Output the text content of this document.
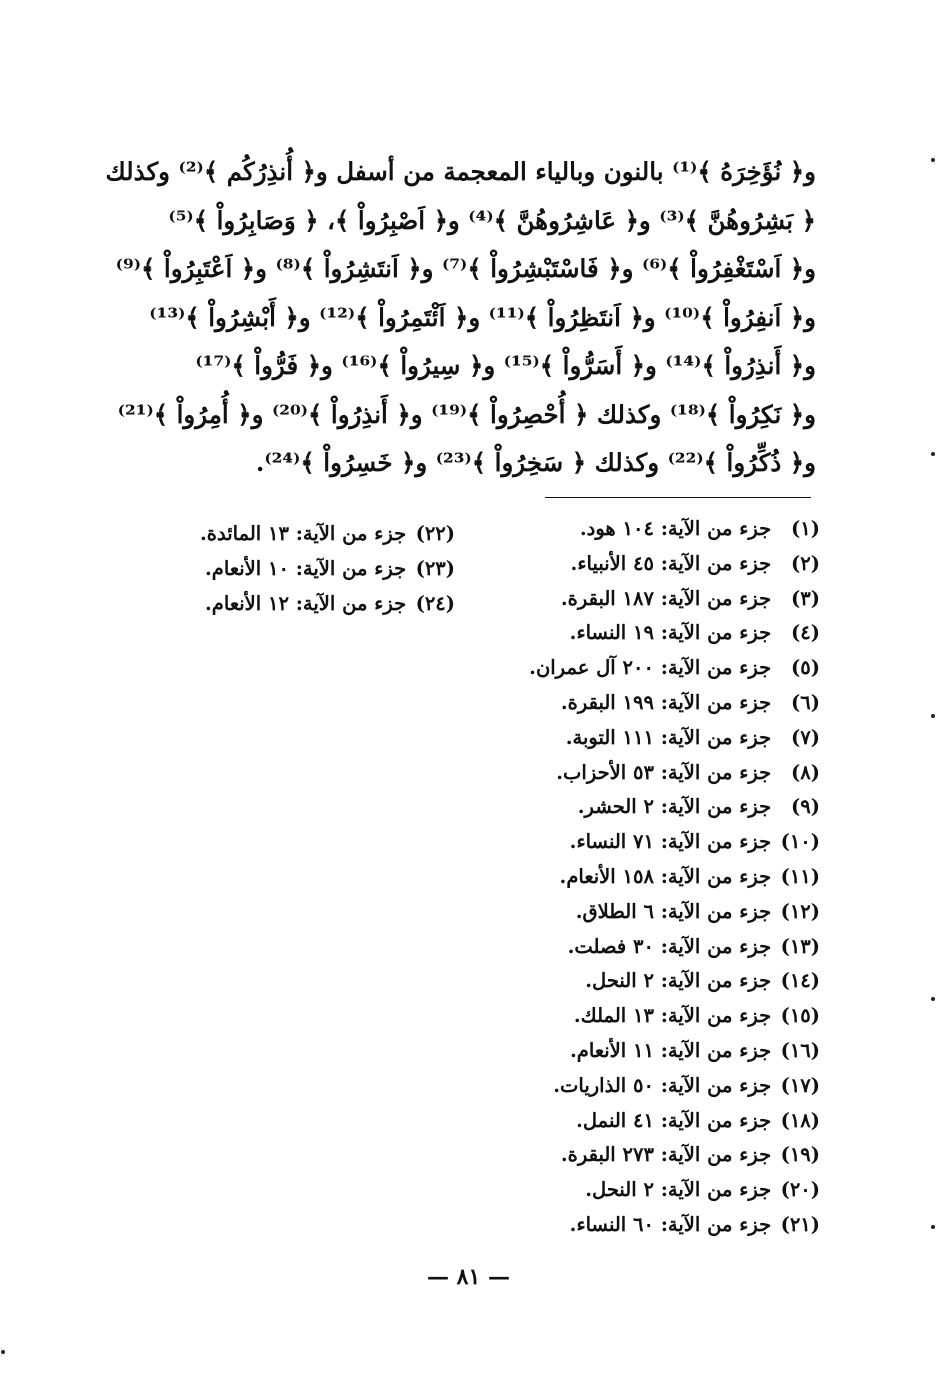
و﴿ نُؤَخِرَهُ ﴾⁽¹⁾ بالنون وبالياء المعجمة من أسفل و﴿ أُنذِرُكُم ﴾⁽²⁾ وكذلك
﴿ بَشِرُوهُنَّ ﴾⁽³⁾ و﴿ عَاشِرُوهُنَّ ﴾⁽⁴⁾ و﴿ اَصْبِرُواْ ﴾، ﴿ وَصَابِرُواْ ﴾⁽⁵⁾
و﴿ اَسْتَغْفِرُواْ ﴾⁽⁶⁾ و﴿ فَاسْتَبْشِرُواْ ﴾⁽⁷⁾ و﴿ اَنتَشِرُواْ ﴾⁽⁸⁾ و﴿ اَعْتَبِرُواْ ﴾⁽⁹⁾
و﴿ اَنفِرُواْ ﴾⁽¹⁰⁾ و﴿ اَنتَظِرُواْ ﴾⁽¹¹⁾ و﴿ اَئْتَمِرُواْ ﴾⁽¹²⁾ و﴿ أَبْشِرُواْ ﴾⁽¹³⁾
و﴿ أَنذِرُواْ ﴾⁽¹⁴⁾ و﴿ أَسَرُّواْ ﴾⁽¹⁵⁾ و﴿ سِيرُواْ ﴾⁽¹⁶⁾ و﴿ فَرُّواْ ﴾⁽¹⁷⁾
و﴿ نَكِرُواْ ﴾⁽¹⁸⁾ وكذلك ﴿ أُحْصِرُواْ ﴾⁽¹⁹⁾ و﴿ أَنذِرُواْ ﴾⁽²⁰⁾ و﴿ أُمِرُواْ ﴾⁽²¹⁾
و﴿ ذُكِّرُواْ ﴾⁽²²⁾ وكذلك ﴿ سَخِرُواْ ﴾⁽²³⁾ و﴿ خَسِرُواْ ﴾⁽²⁴⁾.
(١) جزء من الآية: ١٠٤ هود.
(٢) جزء من الآية: ٤٥ الأنبياء.
(٣) جزء من الآية: ١٨٧ البقرة.
(٤) جزء من الآية: ١٩ النساء.
(٥) جزء من الآية: ٢٠٠ آل عمران.
(٦) جزء من الآية: ١٩٩ البقرة.
(٧) جزء من الآية: ١١١ التوبة.
(٨) جزء من الآية: ٥٣ الأحزاب.
(٩) جزء من الآية: ٢ الحشر.
(١٠) جزء من الآية: ٧١ النساء.
(١١) جزء من الآية: ١٥٨ الأنعام.
(١٢) جزء من الآية: ٦ الطلاق.
(١٣) جزء من الآية: ٣٠ فصلت.
(١٤) جزء من الآية: ٢ النحل.
(١٥) جزء من الآية: ١٣ الملك.
(١٦) جزء من الآية: ١١ الأنعام.
(١٧) جزء من الآية: ٥٠ الذاريات.
(١٨) جزء من الآية: ٤١ النمل.
(١٩) جزء من الآية: ٢٧٣ البقرة.
(٢٠) جزء من الآية: ٢ النحل.
(٢١) جزء من الآية: ٦٠ النساء.
(٢٢) جزء من الآية: ١٣ المائدة.
(٢٣) جزء من الآية: ١٠ الأنعام.
(٢٤) جزء من الآية: ١٢ الأنعام.
— ٨١ —
